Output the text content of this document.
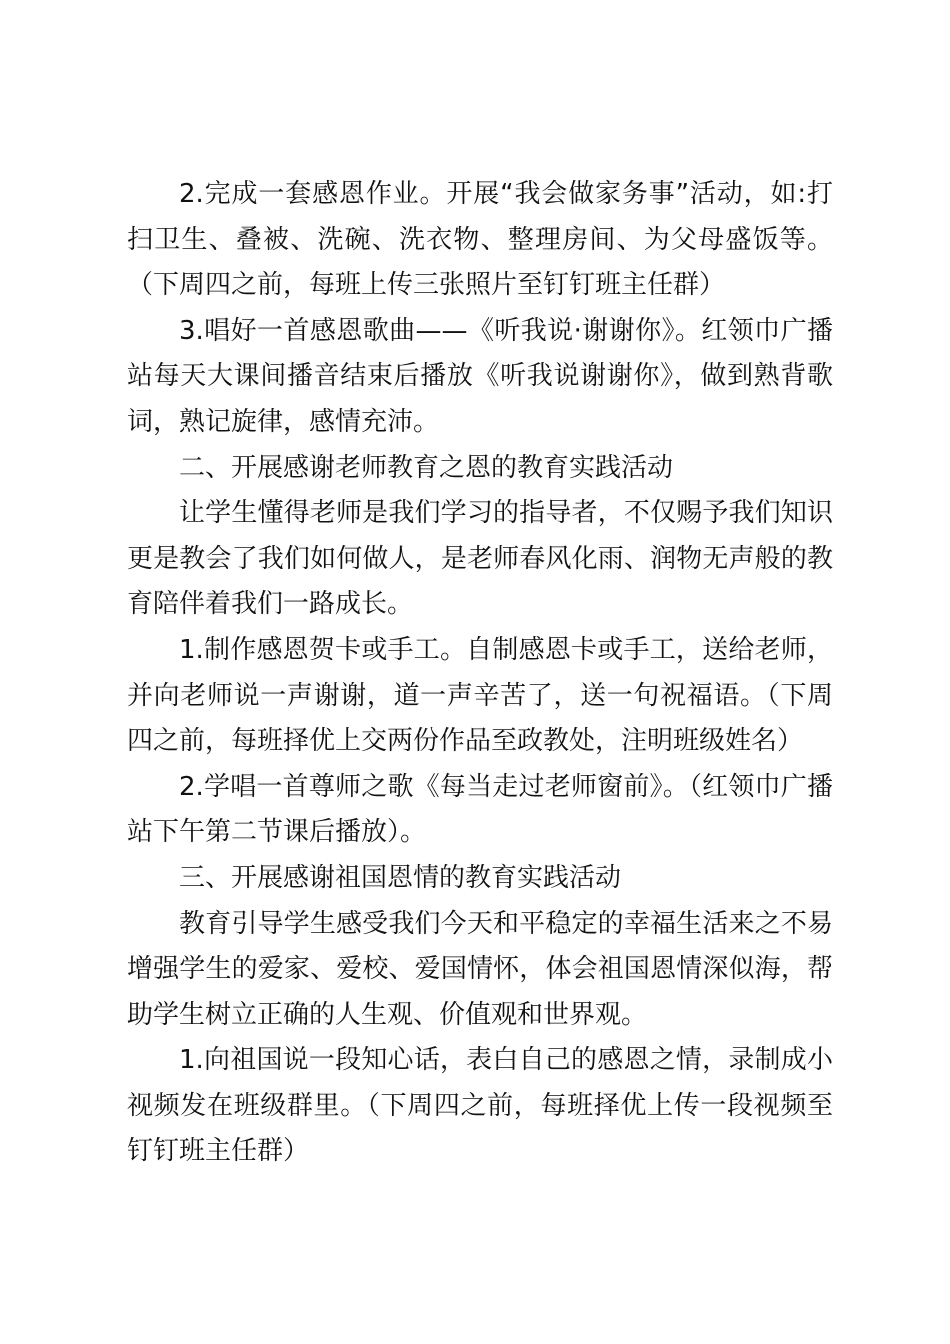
2.完成一套感恩作业。开展“我会做家务事”活动，如:打扫卫生、叠被、洗碗、洗衣物、整理房间、为父母盛饭等。（下周四之前，每班上传三张照片至钉钉班主任群）

3.唱好一首感恩歌曲——《听我说·谢谢你》。红领巾广播站每天大课间播音结束后播放《听我说谢谢你》，做到熟背歌词，熟记旋律，感情充沛。

二、开展感谢老师教育之恩的教育实践活动

让学生懂得老师是我们学习的指导者，不仅赐予我们知识更是教会了我们如何做人，是老师春风化雨、润物无声般的教育陪伴着我们一路成长。

1.制作感恩贺卡或手工。自制感恩卡或手工，送给老师，并向老师说一声谢谢，道一声辛苦了，送一句祝福语。（下周四之前，每班择优上交两份作品至政教处，注明班级姓名）

2.学唱一首尊师之歌《每当走过老师窗前》。（红领巾广播站下午第二节课后播放）。

三、开展感谢祖国恩情的教育实践活动

教育引导学生感受我们今天和平稳定的幸福生活来之不易增强学生的爱家、爱校、爱国情怀，体会祖国恩情深似海，帮助学生树立正确的人生观、价值观和世界观。

1.向祖国说一段知心话，表白自己的感恩之情，录制成小视频发在班级群里。（下周四之前，每班择优上传一段视频至钉钉班主任群）
